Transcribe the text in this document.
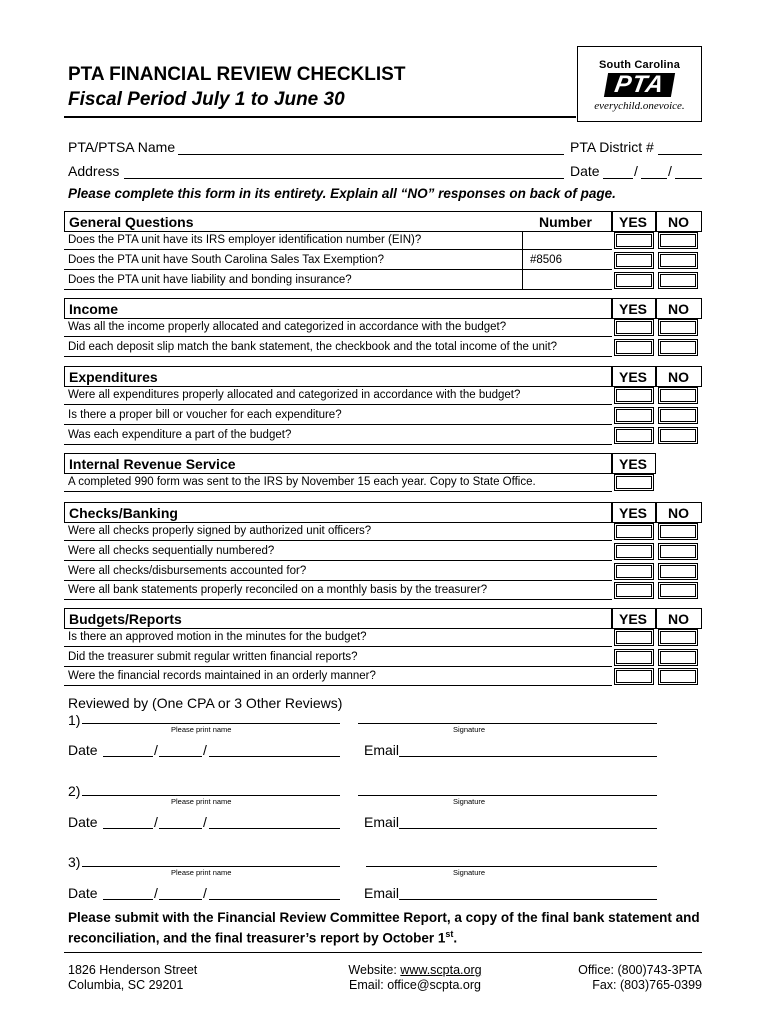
PTA FINANCIAL REVIEW CHECKLIST
Fiscal Period July 1 to June 30
South Carolina
PTA
everychild.onevoice.
PTA/PTSA Name	PTA District #
Address	Date / /
Please complete this form in its entirety. Explain all “NO” responses on back of page.
General Questions	Number YES NO
Does the PTA unit have its IRS employer identification number (EIN)?
Does the PTA unit have South Carolina Sales Tax Exemption?	#8506
Does the PTA unit have liability and bonding insurance?
Income	YES NO
Was all the income properly allocated and categorized in accordance with the budget?
Did each deposit slip match the bank statement, the checkbook and the total income of the unit?
Expenditures	YES NO
Were all expenditures properly allocated and categorized in accordance with the budget?
Is there a proper bill or voucher for each expenditure?
Was each expenditure a part of the budget?
Internal Revenue Service	YES
A completed 990 form was sent to the IRS by November 15 each year. Copy to State Office.
Checks/Banking	YES NO
Were all checks properly signed by authorized unit officers?
Were all checks sequentially numbered?
Were all checks/disbursements accounted for?
Were all bank statements properly reconciled on a monthly basis by the treasurer?
Budgets/Reports	YES NO
Is there an approved motion in the minutes for the budget?
Did the treasurer submit regular written financial reports?
Were the financial records maintained in an orderly manner?
Reviewed by (One CPA or 3 Other Reviews)
1)
Please print name	Signature
Date	/	/	Email
2)
Please print name	Signature
Date	/	/	Email
3)
Please print name	Signature
Date	/	/	Email
Please submit with the Financial Review Committee Report, a copy of the final bank statement and reconciliation, and the final treasurer’s report by October 1st.
1826 Henderson Street
Columbia, SC 29201
Website: www.scpta.org
Email: office@scpta.org
Office: (800)743-3PTA
Fax: (803)765-0399
